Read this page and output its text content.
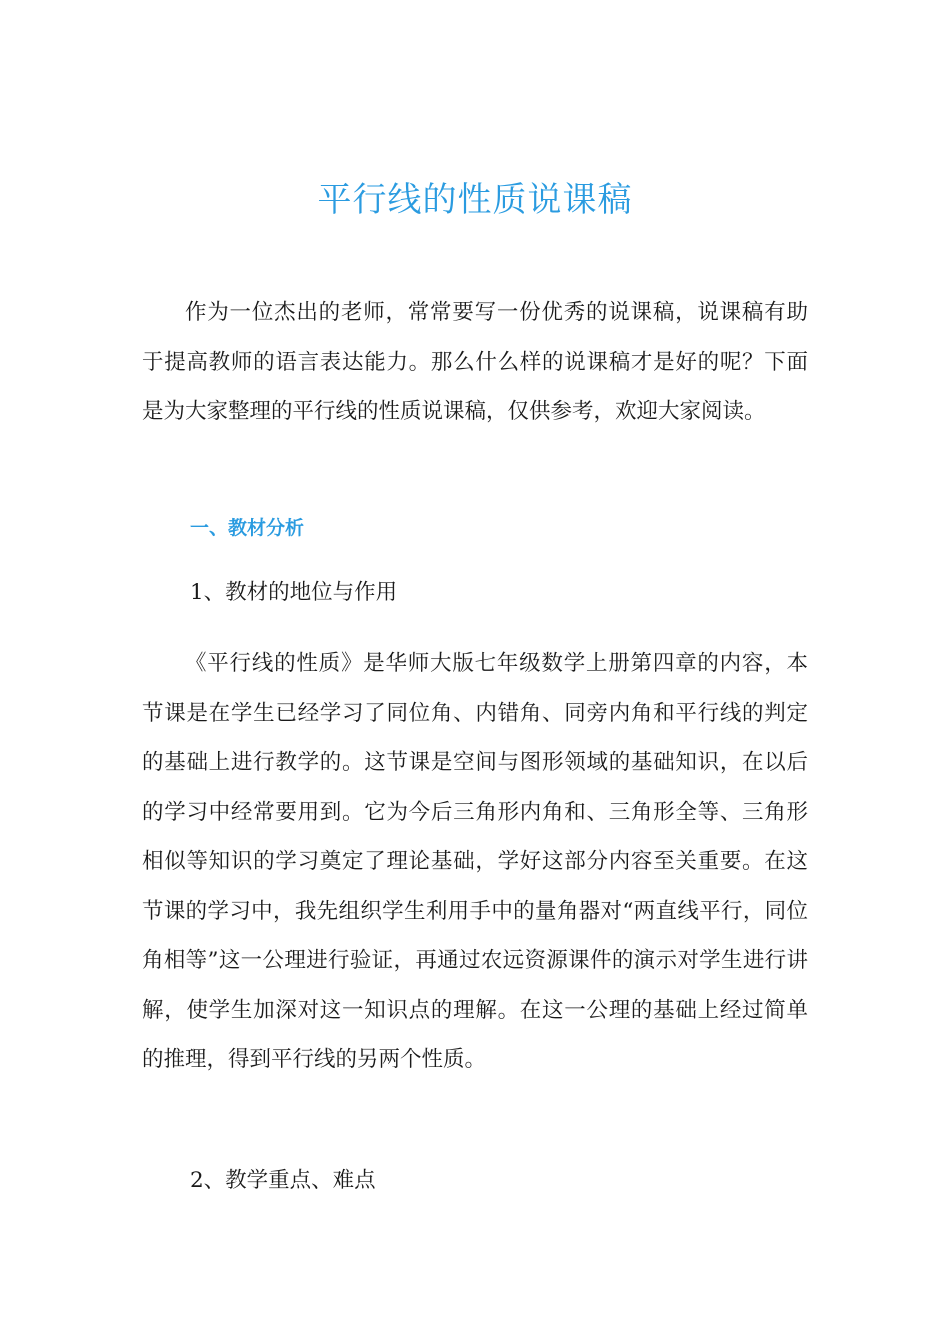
平行线的性质说课稿

作为一位杰出的老师，常常要写一份优秀的说课稿，说课稿有助于提高教师的语言表达能力。那么什么样的说课稿才是好的呢？下面是为大家整理的平行线的性质说课稿，仅供参考，欢迎大家阅读。

一、教材分析

1、教材的地位与作用

《平行线的性质》是华师大版七年级数学上册第四章的内容，本节课是在学生已经学习了同位角、内错角、同旁内角和平行线的判定的基础上进行教学的。这节课是空间与图形领域的基础知识，在以后的学习中经常要用到。它为今后三角形内角和、三角形全等、三角形相似等知识的学习奠定了理论基础，学好这部分内容至关重要。在这节课的学习中，我先组织学生利用手中的量角器对“两直线平行，同位角相等”这一公理进行验证，再通过农远资源课件的演示对学生进行讲解，使学生加深对这一知识点的理解。在这一公理的基础上经过简单的推理，得到平行线的另两个性质。

2、教学重点、难点
